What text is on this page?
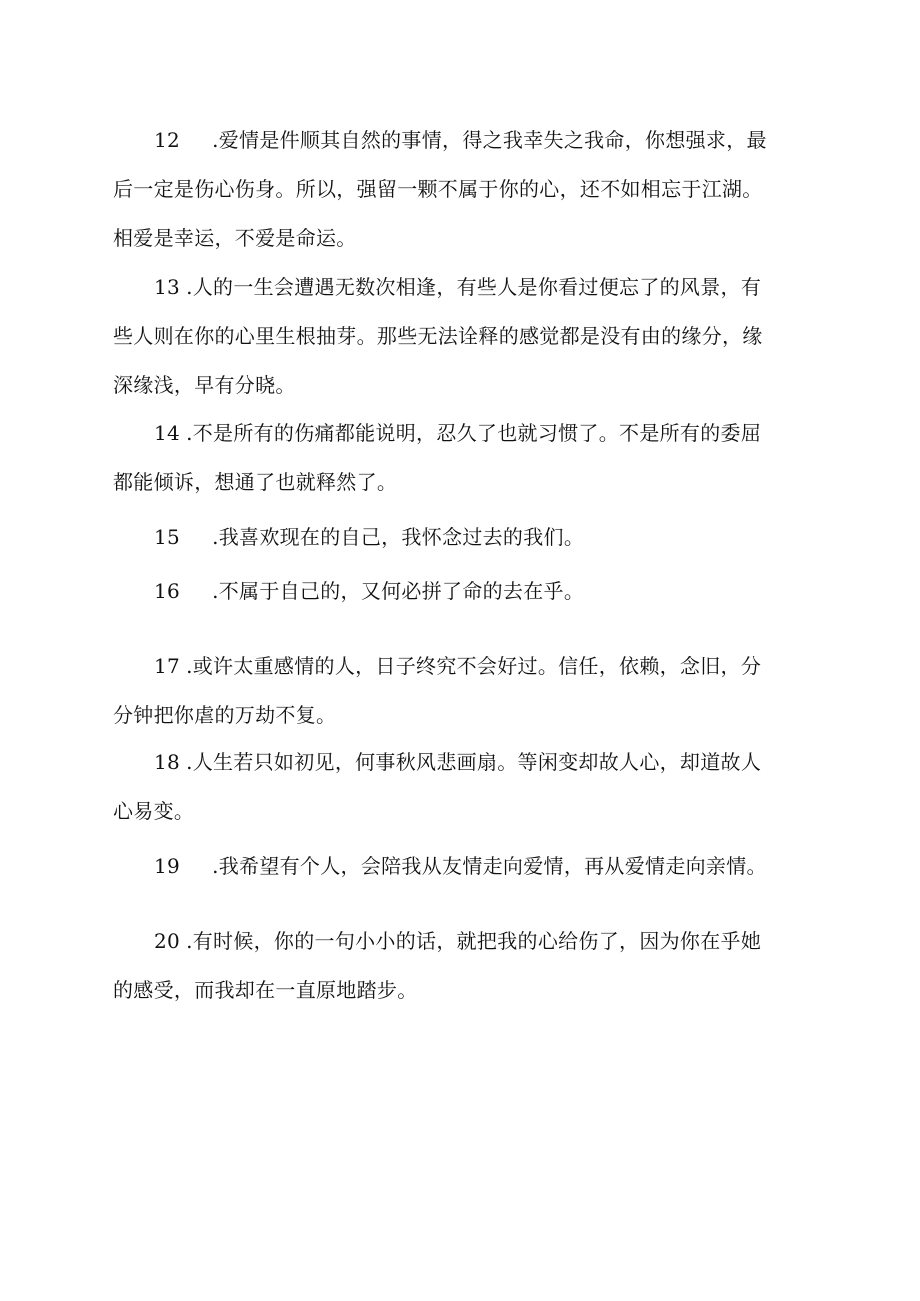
12 .爱情是件顺其自然的事情，得之我幸失之我命，你想强求，最
后一定是伤心伤身。所以，强留一颗不属于你的心，还不如相忘于江湖。
相爱是幸运，不爱是命运。
13 .人的一生会遭遇无数次相逢，有些人是你看过便忘了的风景，有
些人则在你的心里生根抽芽。那些无法诠释的感觉都是没有由的缘分，缘
深缘浅，早有分晓。
14 .不是所有的伤痛都能说明，忍久了也就习惯了。不是所有的委屈
都能倾诉，想通了也就释然了。
15 .我喜欢现在的自己，我怀念过去的我们。
16 .不属于自己的，又何必拼了命的去在乎。
17 .或许太重感情的人，日子终究不会好过。信任，依赖，念旧，分
分钟把你虐的万劫不复。
18 .人生若只如初见，何事秋风悲画扇。等闲变却故人心，却道故人
心易变。
19 .我希望有个人，会陪我从友情走向爱情，再从爱情走向亲情。
20 .有时候，你的一句小小的话，就把我的心给伤了，因为你在乎她
的感受，而我却在一直原地踏步。
